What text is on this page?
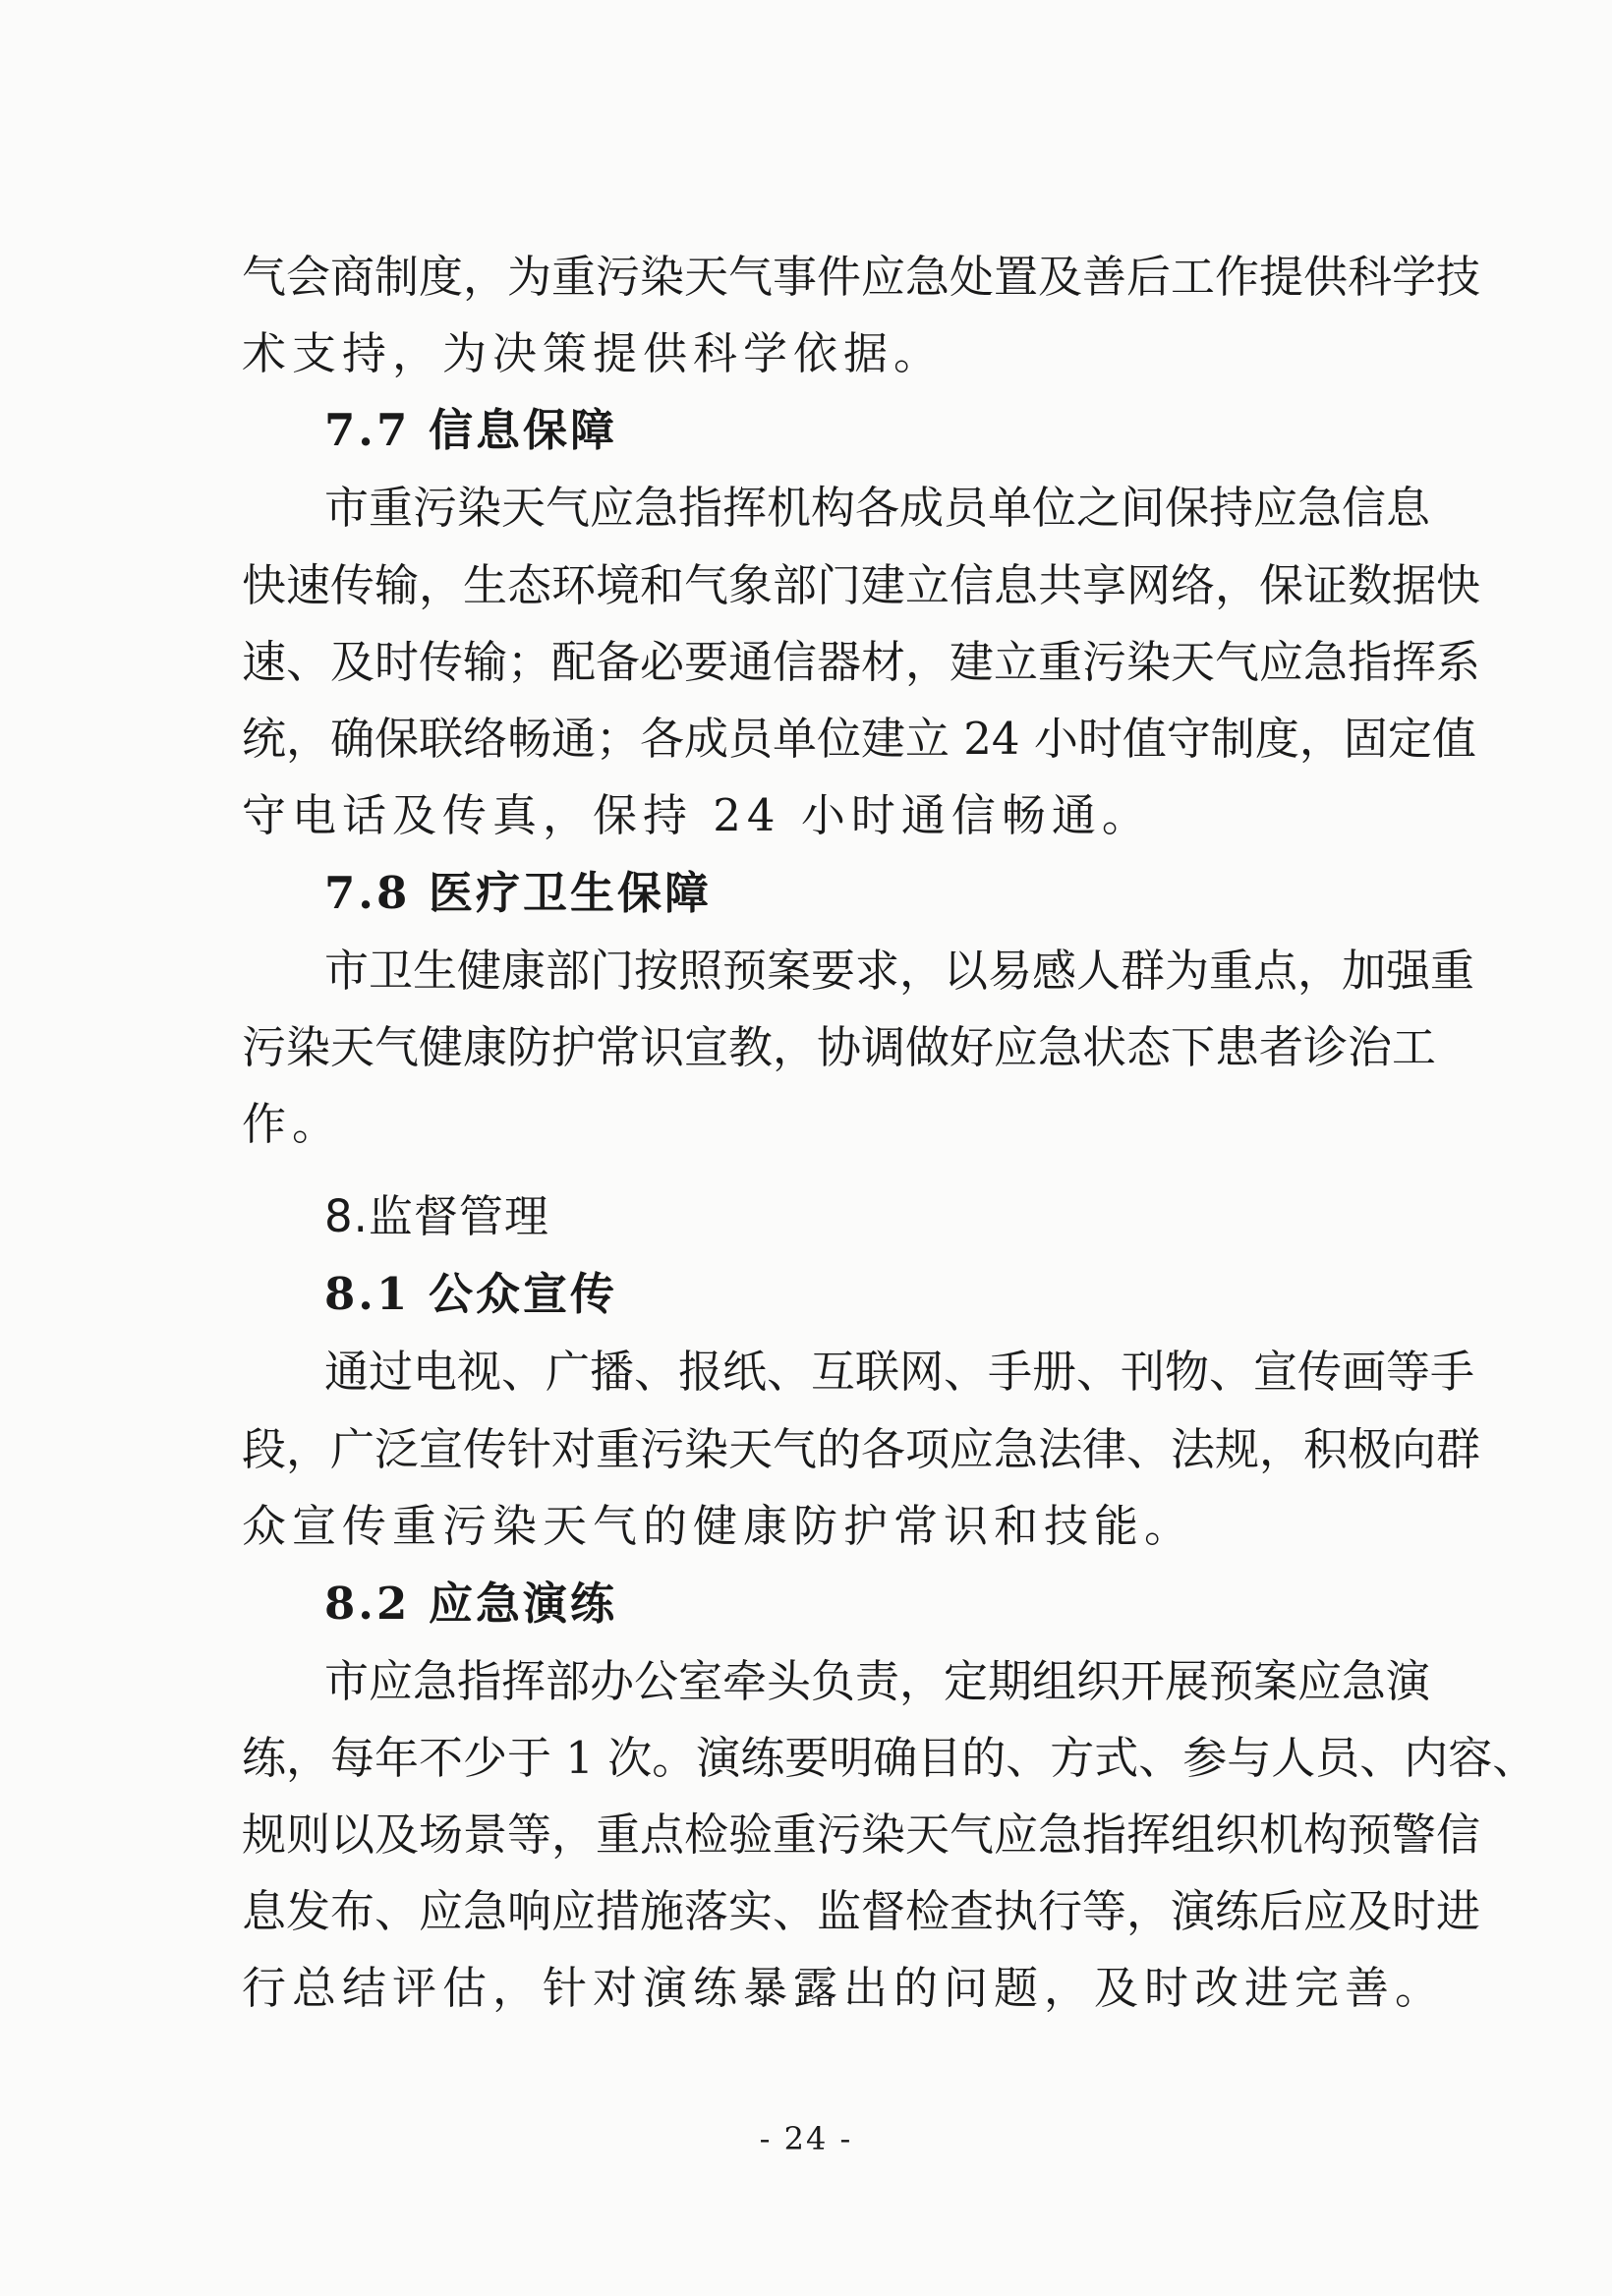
气会商制度，为重污染天气事件应急处置及善后工作提供科学技
术支持，为决策提供科学依据。
7.7 信息保障
市重污染天气应急指挥机构各成员单位之间保持应急信息
快速传输，生态环境和气象部门建立信息共享网络，保证数据快
速、及时传输；配备必要通信器材，建立重污染天气应急指挥系
统，确保联络畅通；各成员单位建立 24 小时值守制度，固定值
守电话及传真，保持 24 小时通信畅通。
7.8 医疗卫生保障
市卫生健康部门按照预案要求，以易感人群为重点，加强重
污染天气健康防护常识宣教，协调做好应急状态下患者诊治工
作。
8.监督管理
8.1 公众宣传
通过电视、广播、报纸、互联网、手册、刊物、宣传画等手
段，广泛宣传针对重污染天气的各项应急法律、法规，积极向群
众宣传重污染天气的健康防护常识和技能。
8.2 应急演练
市应急指挥部办公室牵头负责，定期组织开展预案应急演
练，每年不少于 1 次。演练要明确目的、方式、参与人员、内容、
规则以及场景等，重点检验重污染天气应急指挥组织机构预警信
息发布、应急响应措施落实、监督检查执行等，演练后应及时进
行总结评估，针对演练暴露出的问题，及时改进完善。
- 24 -
